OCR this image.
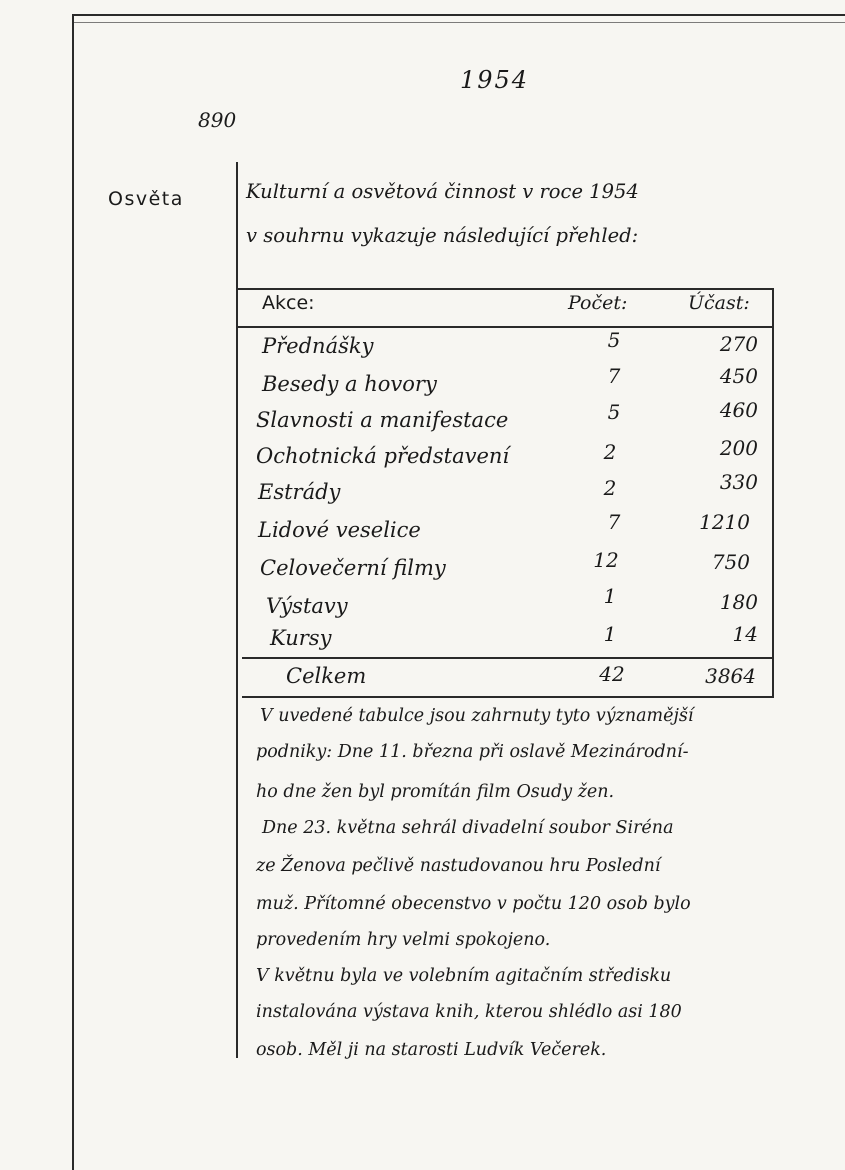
1954
890
Osvěta	Kulturní a osvětová činnost v roce 1954
v souhrnu vykazuje následující přehled:
Akce:	Počet:	Účast:
Přednášky	5	270
Besedy a hovory	7	450
Slavnosti a manifestace	5	460
Ochotnická představení	2	200
Estrády	2	330
Lidové veselice	7	1210
Celovečerní filmy	12	750
Výstavy	1	180
Kursy	1	14
Celkem	42	3864
V uvedené tabulce jsou zahrnuty tyto významější
podniky: Dne 11. března při oslavě Mezinárodní-
ho dne žen byl promítán film Osudy žen.
Dne 23. května sehrál divadelní soubor Siréna
ze Ženova pečlivě nastudovanou hru Poslední
muž. Přítomné obecenstvo v počtu 120 osob bylo
provedením hry velmi spokojeno.
V květnu byla ve volebním agitačním středisku
instalována výstava knih, kterou shlédlo asi 180
osob. Měl ji na starosti Ludvík Večerek.
